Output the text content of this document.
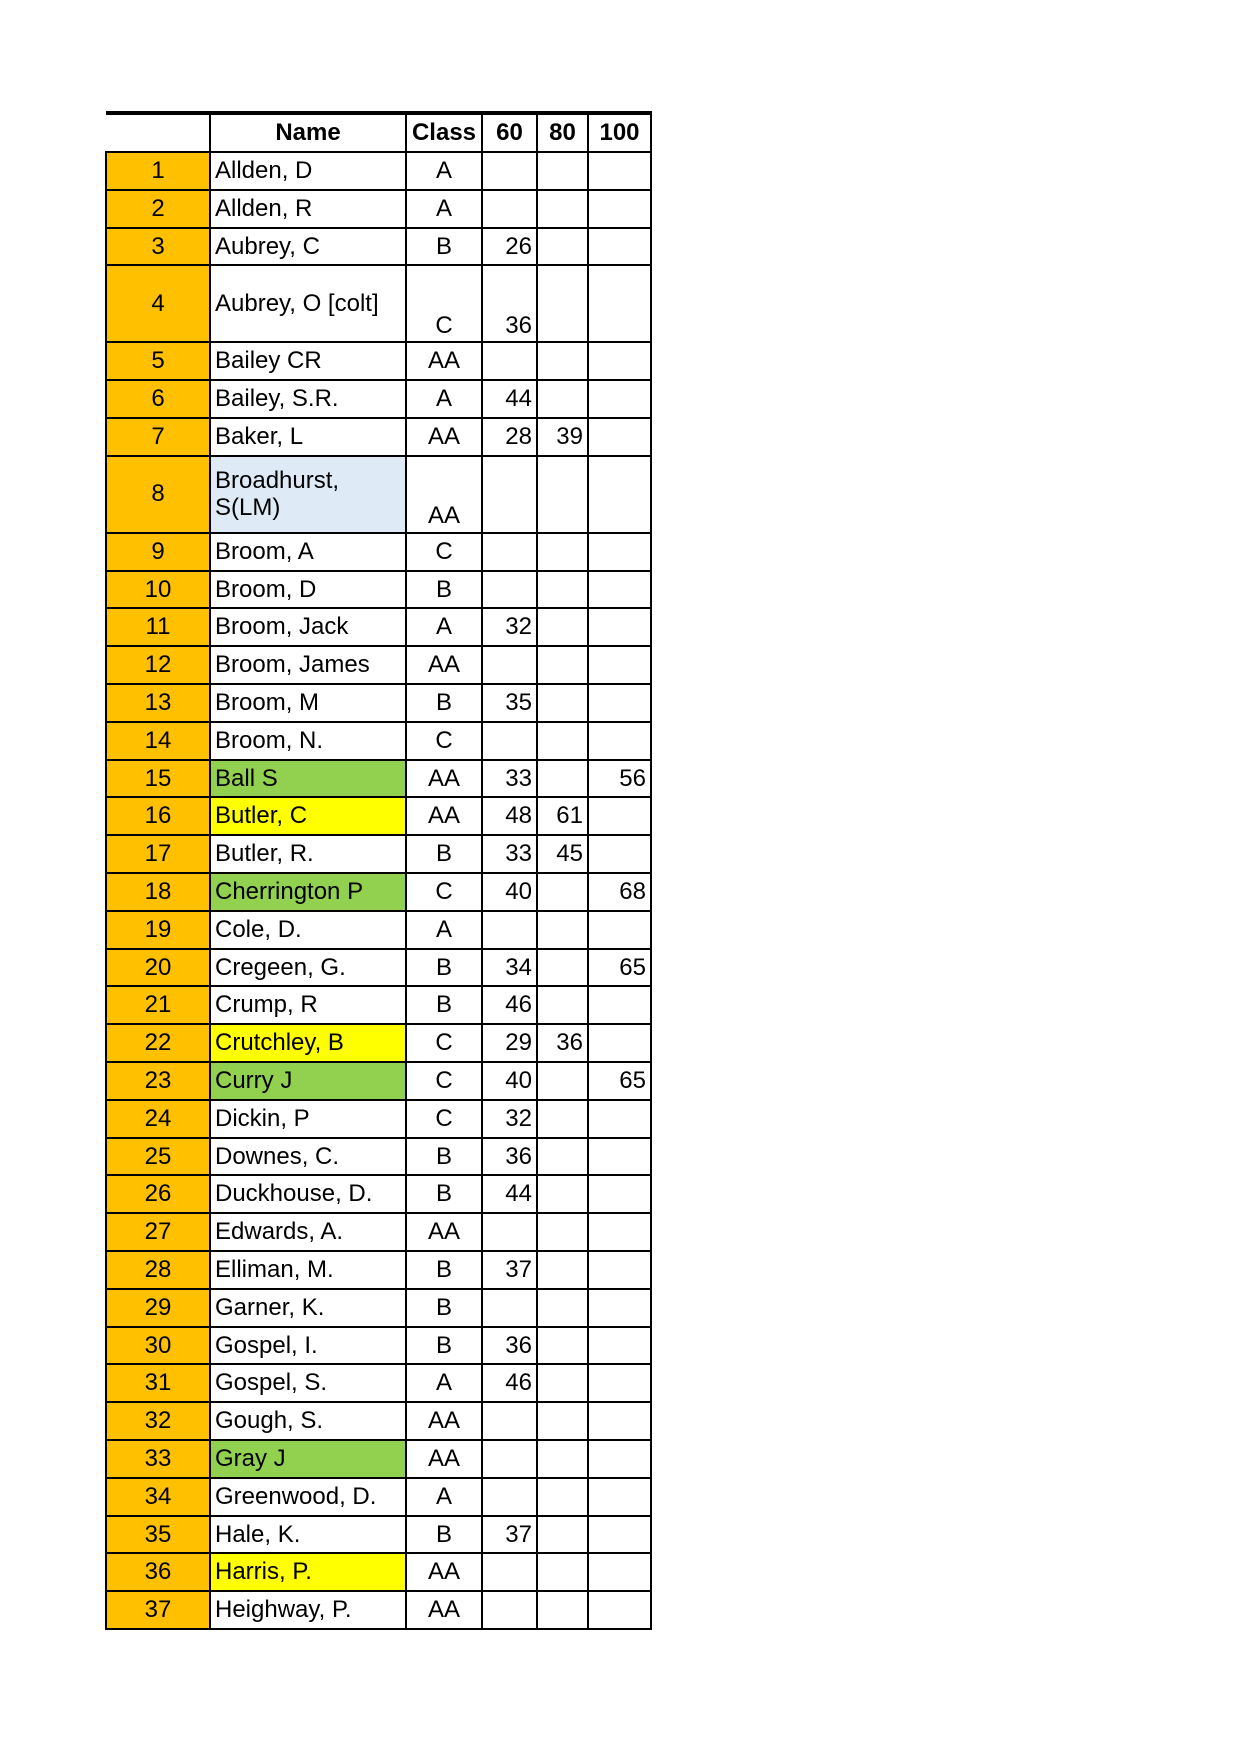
	Name	Class	60	80	100
1	Allden, D	A			
2	Allden, R	A			
3	Aubrey, C	B	26		
4	Aubrey, O [colt]	C	36		
5	Bailey CR	AA			
6	Bailey, S.R.	A	44		
7	Baker, L	AA	28	39	
8	Broadhurst, S(LM)	AA			
9	Broom, A	C			
10	Broom, D	B			
11	Broom, Jack	A	32		
12	Broom, James	AA			
13	Broom, M	B	35		
14	Broom, N.	C			
15	Ball S	AA	33		56
16	Butler, C	AA	48	61	
17	Butler, R.	B	33	45	
18	Cherrington P	C	40		68
19	Cole, D.	A			
20	Cregeen, G.	B	34		65
21	Crump, R	B	46		
22	Crutchley, B	C	29	36	
23	Curry J	C	40		65
24	Dickin, P	C	32		
25	Downes, C.	B	36		
26	Duckhouse, D.	B	44		
27	Edwards, A.	AA			
28	Elliman, M.	B	37		
29	Garner, K.	B			
30	Gospel, I.	B	36		
31	Gospel, S.	A	46		
32	Gough, S.	AA			
33	Gray J	AA			
34	Greenwood, D.	A			
35	Hale, K.	B	37		
36	Harris, P.	AA			
37	Heighway, P.	AA			
